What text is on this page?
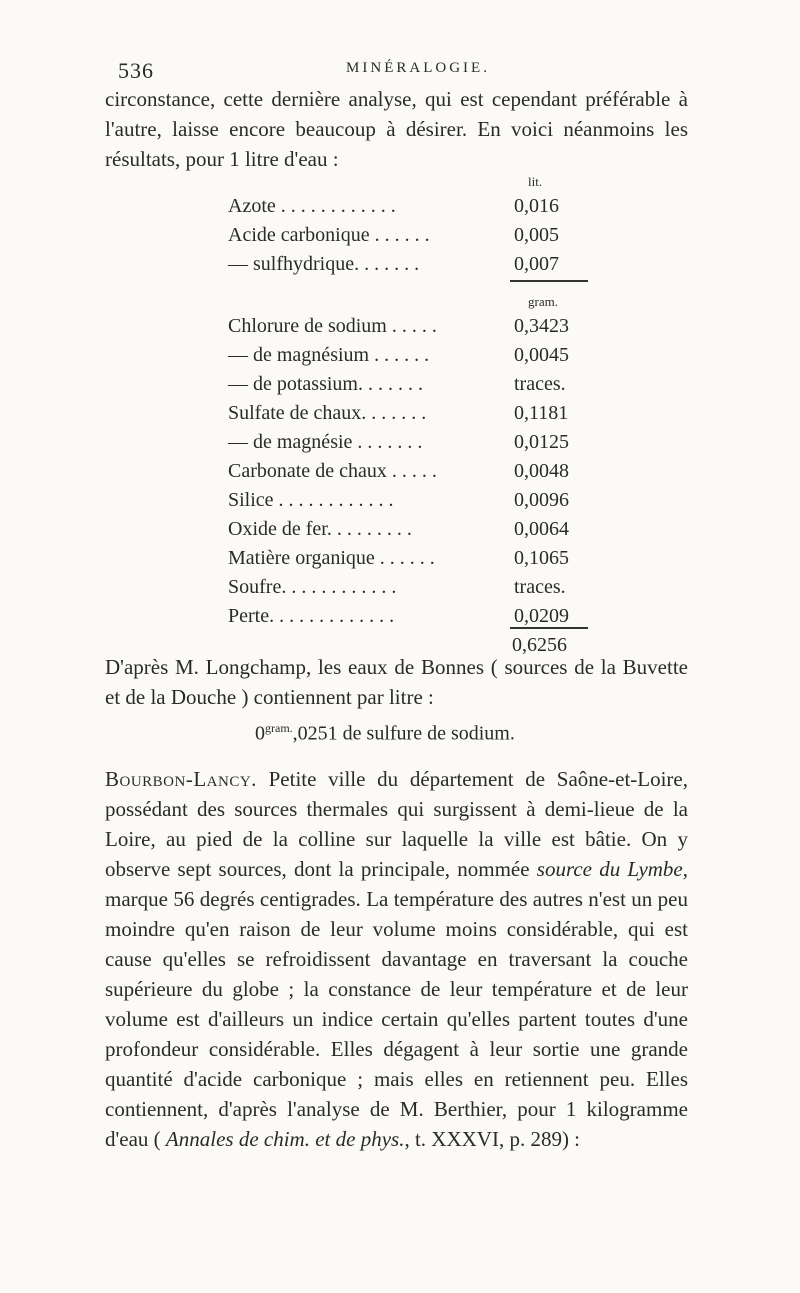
536	MINÉRALOGIE.

circonstance, cette dernière analyse, qui est cependant préférable à l'autre, laisse encore beaucoup à désirer. En voici néanmoins les résultats, pour 1 litre d'eau :

lit.
Azote . . . . . . . . . . . .	0,016
Acide carbonique . . . . . .	0,005
— sulfhydrique. . . . . . .	0,007
gram.
Chlorure de sodium . . . . .	0,3423
— de magnésium . . . . . .	0,0045
— de potassium. . . . . . .	traces.
Sulfate de chaux. . . . . . .	0,1181
— de magnésie . . . . . . .	0,0125
Carbonate de chaux . . . . .	0,0048
Silice . . . . . . . . . . . .	0,0096
Oxide de fer. . . . . . . . .	0,0064
Matière organique . . . . . .	0,1065
Soufre. . . . . . . . . . . .	traces.
Perte. . . . . . . . . . . . .	0,0209
0,6256

D'après M. Longchamp, les eaux de Bonnes ( sources de la Buvette et de la Douche ) contiennent par litre :

$0^{gram.},0251$ de sulfure de sodium.

Bourbon-Lancy. Petite ville du département de Saône-et-Loire, possédant des sources thermales qui surgissent à demi-lieue de la Loire, au pied de la colline sur laquelle la ville est bâtie. On y observe sept sources, dont la principale, nommée source du Lymbe, marque 56 degrés centigrades. La température des autres n'est un peu moindre qu'en raison de leur volume moins considérable, qui est cause qu'elles se refroidissent davantage en traversant la couche supérieure du globe ; la constance de leur température et de leur volume est d'ailleurs un indice certain qu'elles partent toutes d'une profondeur considérable. Elles dégagent à leur sortie une grande quantité d'acide carbonique ; mais elles en retiennent peu. Elles contiennent, d'après l'analyse de M. Berthier, pour 1 kilogramme d'eau ( Annales de chim. et de phys., t. XXXVI, p. 289) :
